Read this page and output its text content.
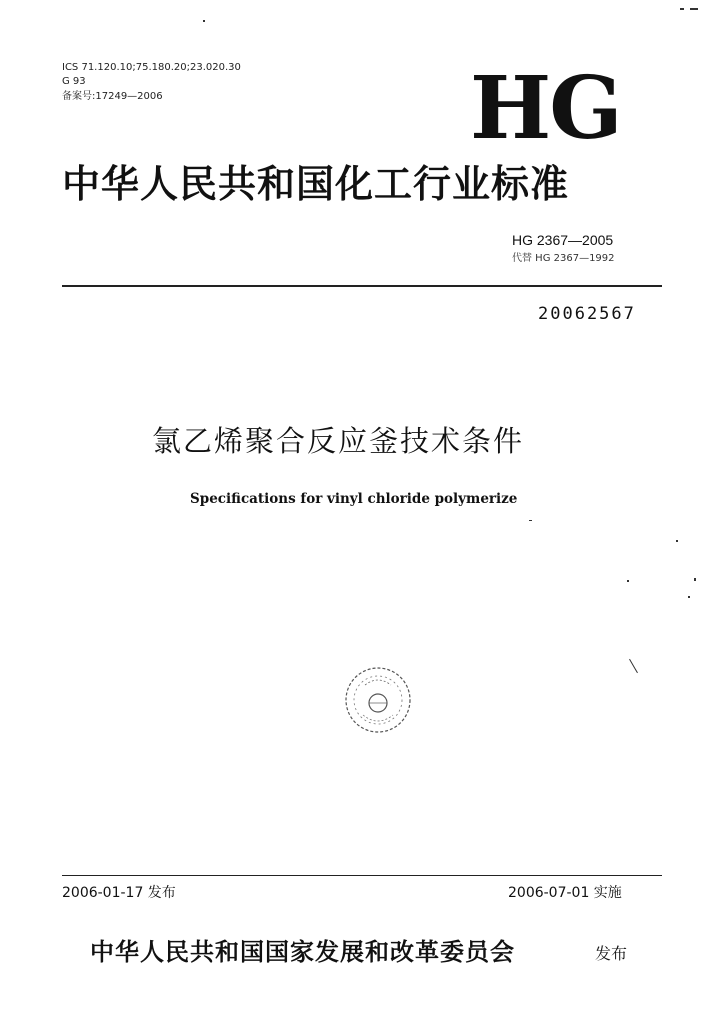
ICS 71.120.10;75.180.20;23.020.30
G 93
备案号:17249—2006	HG
中华人民共和国化工行业标准
HG 2367—2005
代替 HG 2367—1992
20062567
氯乙烯聚合反应釜技术条件
Specifications for vinyl chloride polymerize
2006-01-17 发布	2006-07-01 实施
中华人民共和国国家发展和改革委员会	发布
